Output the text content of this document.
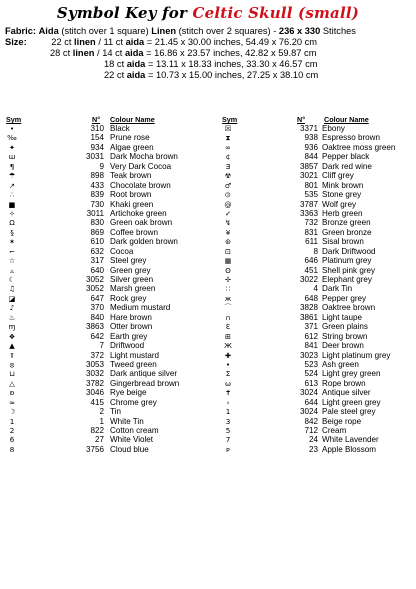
Symbol Key for Celtic Skull (small)
Fabric: Aida (stitch over 1 square) Linen (stitch over 2 squares) - 236 x 330 Stitches
Size:	22 ct linen / 11 ct aida = 21.45 x 30.00 inches, 54.49 x 76.20 cm
28 ct linen / 14 ct aida = 16.86 x 23.57 inches, 42.82 x 59.87 cm
18 ct aida = 13.11 x 18.33 inches, 33.30 x 46.57 cm
22 ct aida = 10.73 x 15.00 inches, 27.25 x 38.10 cm
Sym	N° Colour Name	Sym	N°	Colour Name
•	310 Black
‰	154 Prune rose
✦	934 Algae green
ш	3031 Dark Mocha brown
¶	9 Very Dark Cocoa
☂	898 Teak brown
↗	433 Chocolate brown
∴	839 Root brown
■	730 Khaki green
✧	3011 Artichoke green
Ω	830 Green oak brown
§	869 Coffee brown
✶	610 Dark golden brown
⌐	632 Cocoa
☆	317 Steel grey
▵	640 Green grey
☾	3052 Silver green
♫	3052 Marsh green
◪	647 Rock grey
♪	370 Medium mustard
♨	840 Hare brown
ɱ	3863 Otter brown
❖	642 Earth grey
▲	7 Driftwood
⫪	372 Light mustard
⦻	3053 Tweed green
⊔	3032 Dark antique silver
△	3782 Gingerbread brown
ʚ	3046 Rye beige
≈	415 Chrome grey
☽	2 Tin
1	1 White Tin
2	822 Cotton cream
6	27 White Violet
8	3756 Cloud blue
☒	3371 Ebony
⧗	938 Espresso brown
∞	936 Oaktree moss green
¢	844 Pepper black
Ǝ	3857 Dark red wine
☢	3021 Cliff grey
♂	801 Mink brown
⦶	535 Stone grey
@	3787 Wolf grey
✓	3363 Herb green
↯	732 Bronze green
¥	831 Green bronze
⊛	611 Sisal brown
⊡	8 Dark Driftwood
▦	646 Platinum grey
ʘ	451 Shell pink grey
✢	3022 Elephant grey
∷	4 Dark Tin
ж	648 Pepper grey
⌒	3828 Oaktree brown
∩	3861 Light taupe
Ɛ	371 Green plains
⊞	612 String brown
Ж	841 Deer brown
✚	3023 Light platinum grey
•	523 Ash green
Σ	524 Light grey green
ω	613 Rope brown
✝	3024 Antique silver
‹	644 Light green grey
1	3024 Pale steel grey
3	842 Beige rope
5	712 Cream
7	24 White Lavender
ᴘ	23 Apple Blossom
